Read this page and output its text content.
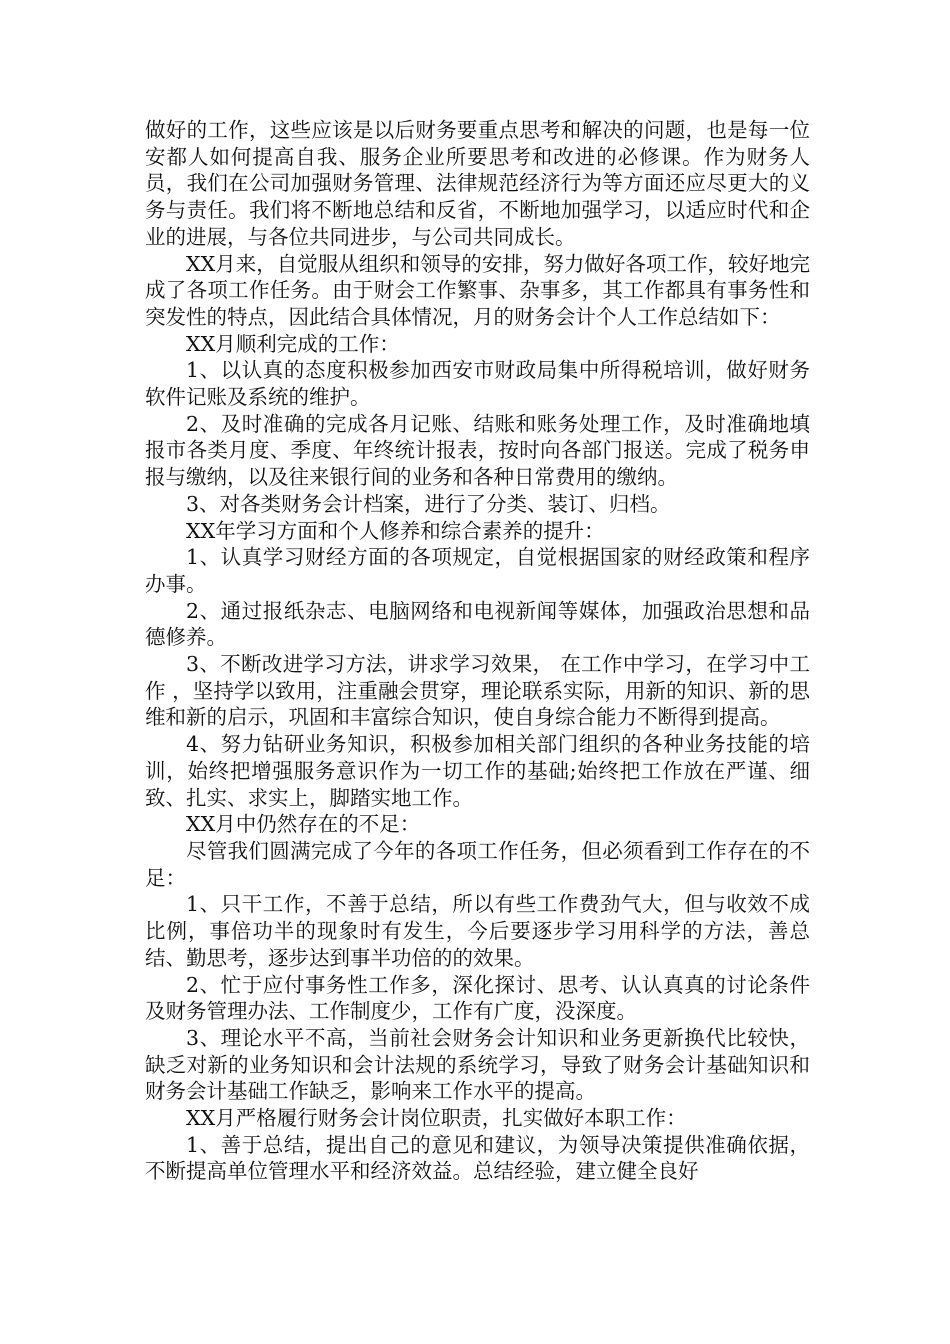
做好的工作，这些应该是以后财务要重点思考和解决的问题，也是每一位安都人如何提高自我、服务企业所要思考和改进的必修课。作为财务人员，我们在公司加强财务管理、法律规范经济行为等方面还应尽更大的义务与责任。我们将不断地总结和反省，不断地加强学习，以适应时代和企业的进展，与各位共同进步，与公司共同成长。

XX月来，自觉服从组织和领导的安排，努力做好各项工作，较好地完成了各项工作任务。由于财会工作繁事、杂事多，其工作都具有事务性和突发性的特点，因此结合具体情况，月的财务会计个人工作总结如下：

XX月顺利完成的工作：

1、以认真的态度积极参加西安市财政局集中所得税培训，做好财务软件记账及系统的维护。

2、及时准确的完成各月记账、结账和账务处理工作，及时准确地填报市各类月度、季度、年终统计报表，按时向各部门报送。完成了税务申报与缴纳，以及往来银行间的业务和各种日常费用的缴纳。

3、对各类财务会计档案，进行了分类、装订、归档。

XX年学习方面和个人修养和综合素养的提升：

1、认真学习财经方面的各项规定，自觉根据国家的财经政策和程序办事。

2、通过报纸杂志、电脑网络和电视新闻等媒体，加强政治思想和品德修养。

3、不断改进学习方法，讲求学习效果， 在工作中学习，在学习中工作 ，坚持学以致用，注重融会贯穿，理论联系实际，用新的知识、新的思维和新的启示，巩固和丰富综合知识，使自身综合能力不断得到提高。

4、努力钻研业务知识，积极参加相关部门组织的各种业务技能的培训，始终把增强服务意识作为一切工作的基础;始终把工作放在严谨、细致、扎实、求实上，脚踏实地工作。

XX月中仍然存在的不足：

尽管我们圆满完成了今年的各项工作任务，但必须看到工作存在的不足：

1、只干工作，不善于总结，所以有些工作费劲气大，但与收效不成比例，事倍功半的现象时有发生，今后要逐步学习用科学的方法，善总结、勤思考，逐步达到事半功倍的的效果。

2、忙于应付事务性工作多，深化探讨、思考、认认真真的讨论条件及财务管理办法、工作制度少，工作有广度，没深度。

3、理论水平不高，当前社会财务会计知识和业务更新换代比较快，缺乏对新的业务知识和会计法规的系统学习，导致了财务会计基础知识和财务会计基础工作缺乏，影响来工作水平的提高。

XX月严格履行财务会计岗位职责，扎实做好本职工作：

1、善于总结，提出自己的意见和建议，为领导决策提供准确依据，不断提高单位管理水平和经济效益。总结经验，建立健全良好
